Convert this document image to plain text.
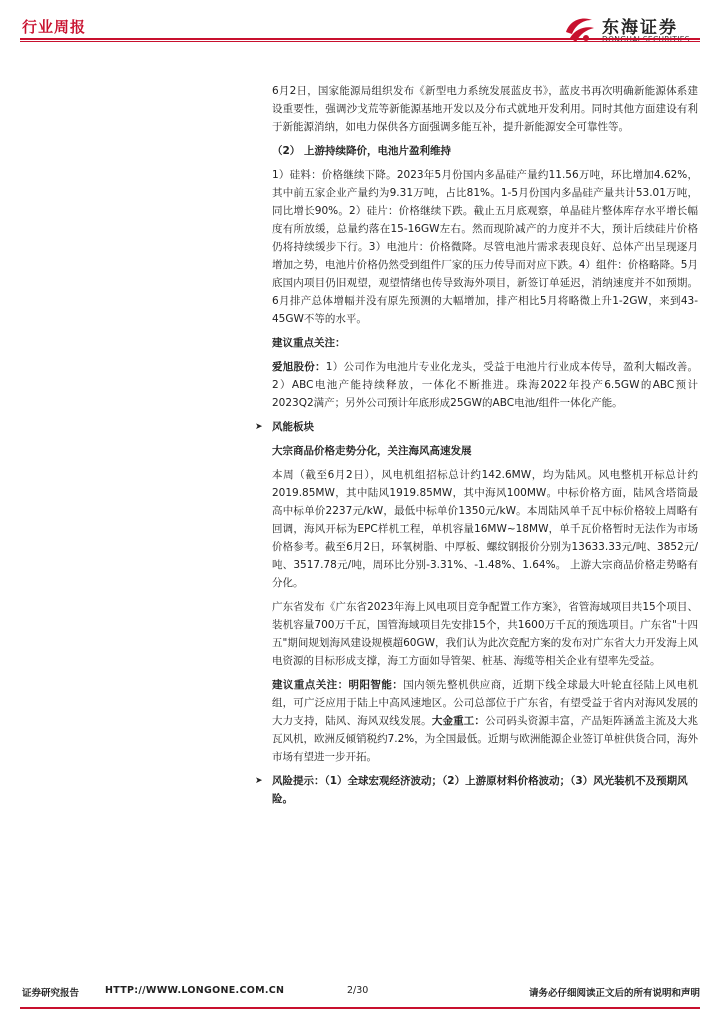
行业周报	东海证券

6月2日，国家能源局组织发布《新型电力系统发展蓝皮书》，蓝皮书再次明确新能源体系建设重要性，强调沙戈荒等新能源基地开发以及分布式就地开发利用。同时其他方面建设有利于新能源消纳，如电力保供各方面强调多能互补，提升新能源安全可靠性等。

（2） 上游持续降价，电池片盈利维持

1）硅料：价格继续下降。2023年5月份国内多晶硅产量约11.56万吨，环比增加4.62%，其中前五家企业产量约为9.31万吨，占比81%。1-5月份国内多晶硅产量共计53.01万吨，同比增长90%。2）硅片：价格继续下跌。截止五月底观察，单晶硅片整体库存水平增长幅度有所放缓，总量约落在15-16GW左右。然而现阶减产的力度并不大，预计后续硅片价格仍将持续缓步下行。3）电池片：价格微降。尽管电池片需求表现良好、总体产出呈现逐月增加之势，电池片价格仍然受到组件厂家的压力传导而对应下跌。4）组件：价格略降。5月底国内项目仍旧观望，观望情绪也传导致海外项目，新签订单延迟，消纳速度并不如预期。6月排产总体增幅并没有原先预测的大幅增加，排产相比5月将略微上升1-2GW，来到43-45GW不等的水平。

建议重点关注：

爱旭股份：1）公司作为电池片专业化龙头，受益于电池片行业成本传导，盈利大幅改善。2）ABC电池产能持续释放，一体化不断推进。珠海2022年投产6.5GW的ABC预计2023Q2满产；另外公司预计年底形成25GW的ABC电池/组件一体化产能。

➤ 风能板块

大宗商品价格走势分化，关注海风高速发展

本周（截至6月2日），风电机组招标总计约142.6MW，均为陆风。风电整机开标总计约2019.85MW，其中陆风1919.85MW，其中海风100MW。中标价格方面，陆风含塔筒最高中标单价2237元/kW，最低中标单价1350元/kW。本周陆风单千瓦中标价格较上周略有回调，海风开标为EPC样机工程，单机容量16MW~18MW，单千瓦价格暂时无法作为市场价格参考。截至6月2日，环氧树脂、中厚板、螺纹钢报价分别为13633.33元/吨、3852元/吨、3517.78元/吨，周环比分别-3.31%、-1.48%、1.64%。 上游大宗商品价格走势略有分化。

广东省发布《广东省2023年海上风电项目竞争配置工作方案》，省管海域项目共15个项目、装机容量700万千瓦，国管海域项目先安排15个，共1600万千瓦的预选项目。广东省"十四五"期间规划海风建设规模超60GW，我们认为此次竞配方案的发布对广东省大力开发海上风电资源的目标形成支撑，海工方面如导管架、桩基、海缆等相关企业有望率先受益。

建议重点关注：明阳智能：国内领先整机供应商，近期下线全球最大叶轮直径陆上风电机组，可广泛应用于陆上中高风速地区。公司总部位于广东省，有望受益于省内对海风发展的大力支持，陆风、海风双线发展。大金重工：公司码头资源丰富，产品矩阵涵盖主流及大兆瓦风机，欧洲反倾销税约7.2%，为全国最低。近期与欧洲能源企业签订单桩供货合同，海外市场有望进一步开拓。

➤ 风险提示：（1）全球宏观经济波动；（2）上游原材料价格波动；（3）风光装机不及预期风险。
证券研究报告	HTTP://WWW.LONGONE.COM.CN	2/30	请务必仔细阅读正文后的所有说明和声明
